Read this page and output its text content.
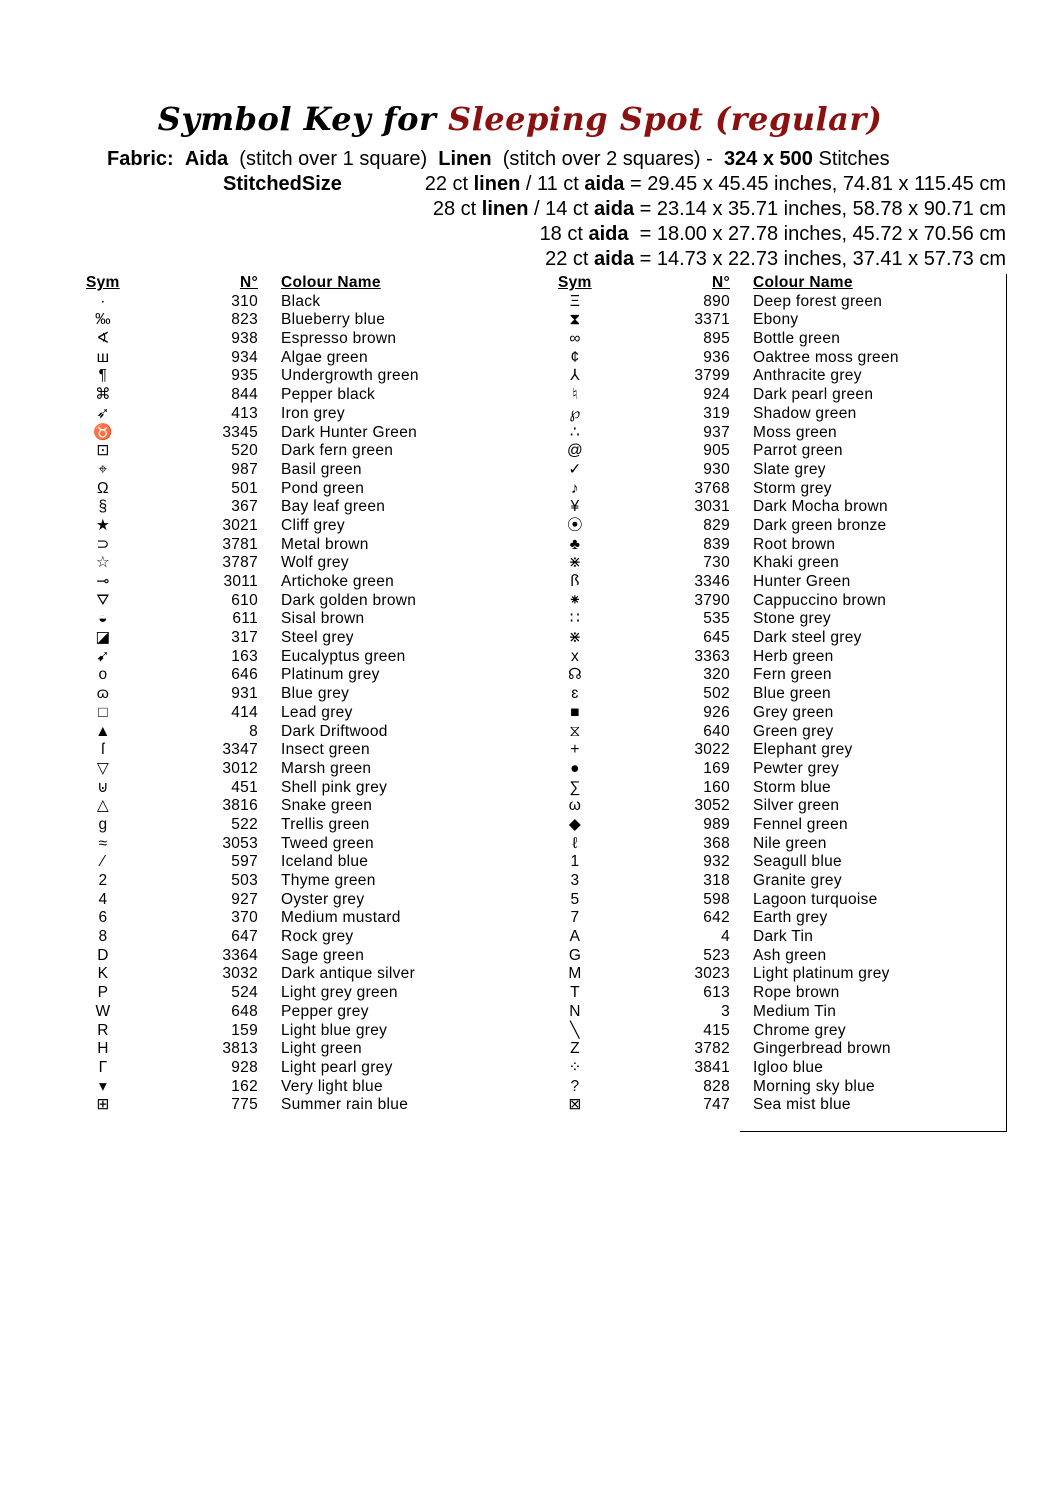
Symbol Key for Sleeping Spot (regular)
Fabric: Aida (stitch over 1 square) Linen (stitch over 2 squares) - 324 x 500 Stitches
StitchedSize	22 ct linen / 11 ct aida = 29.45 x 45.45 inches, 74.81 x 115.45 cm
28 ct linen / 14 ct aida = 23.14 x 35.71 inches, 58.78 x 90.71 cm
18 ct aida  = 18.00 x 27.78 inches, 45.72 x 70.56 cm
22 ct aida = 14.73 x 22.73 inches, 37.41 x 57.73 cm
Sym	N° Colour Name
·	310 Black
‰	823 Blueberry blue
∢	938 Espresso brown
ш	934 Algae green
¶	935 Undergrowth green
⌘	844 Pepper black
➶	413 Iron grey
♉	3345 Dark Hunter Green
⊡	520 Dark fern green
⌖	987 Basil green
Ω	501 Pond green
§	367 Bay leaf green
★	3021 Cliff grey
⊃	3781 Metal brown
☆	3787 Wolf grey
⊸	3011 Artichoke green
⛛	610 Dark golden brown
◒	611 Sisal brown
◪	317 Steel grey
➹	163 Eucalyptus green
o	646 Platinum grey
ɷ	931 Blue grey
□	414 Lead grey
▲	8 Dark Driftwood
ſ	3347 Insect green
▽	3012 Marsh green
⊍	451 Shell pink grey
△	3816 Snake green
g	522 Trellis green
≈	3053 Tweed green
⁄	597 Iceland blue
2	503 Thyme green
4	927 Oyster grey
6	370 Medium mustard
8	647 Rock grey
D	3364 Sage green
K	3032 Dark antique silver
P	524 Light grey green
W	648 Pepper grey
R	159 Light blue grey
H	3813 Light green
Γ	928 Light pearl grey
▾	162 Very light blue
⊞	775 Summer rain blue
Sym	N° Colour Name
Ξ	890 Deep forest green
⧗	3371 Ebony
∞	895 Bottle green
¢	936 Oaktree moss green
⅄	3799 Anthracite grey
♮	924 Dark pearl green
℘	319 Shadow green
∴	937 Moss green
@	905 Parrot green
✓	930 Slate grey
♪	3768 Storm grey
¥	3031 Dark Mocha brown
⦿	829 Dark green bronze
♣	839 Root brown
⋇	730 Khaki green
ꟗ	3346 Hunter Green
⁕	3790 Cappuccino brown
∷	535 Stone grey
⋇	645 Dark steel grey
x	3363 Herb green
☊	320 Fern green
ɛ	502 Blue green
■	926 Grey green
⧖	640 Green grey
+	3022 Elephant grey
●	169 Pewter grey
∑	160 Storm blue
ω	3052 Silver green
◆	989 Fennel green
ℓ	368 Nile green
1	932 Seagull blue
3	318 Granite grey
5	598 Lagoon turquoise
7	642 Earth grey
A	4 Dark Tin
G	523 Ash green
M	3023 Light platinum grey
T	613 Rope brown
N	3 Medium Tin
╲	415 Chrome grey
Z	3782 Gingerbread brown
⁘	3841 Igloo blue
?	828 Morning sky blue
⊠	747 Sea mist blue
